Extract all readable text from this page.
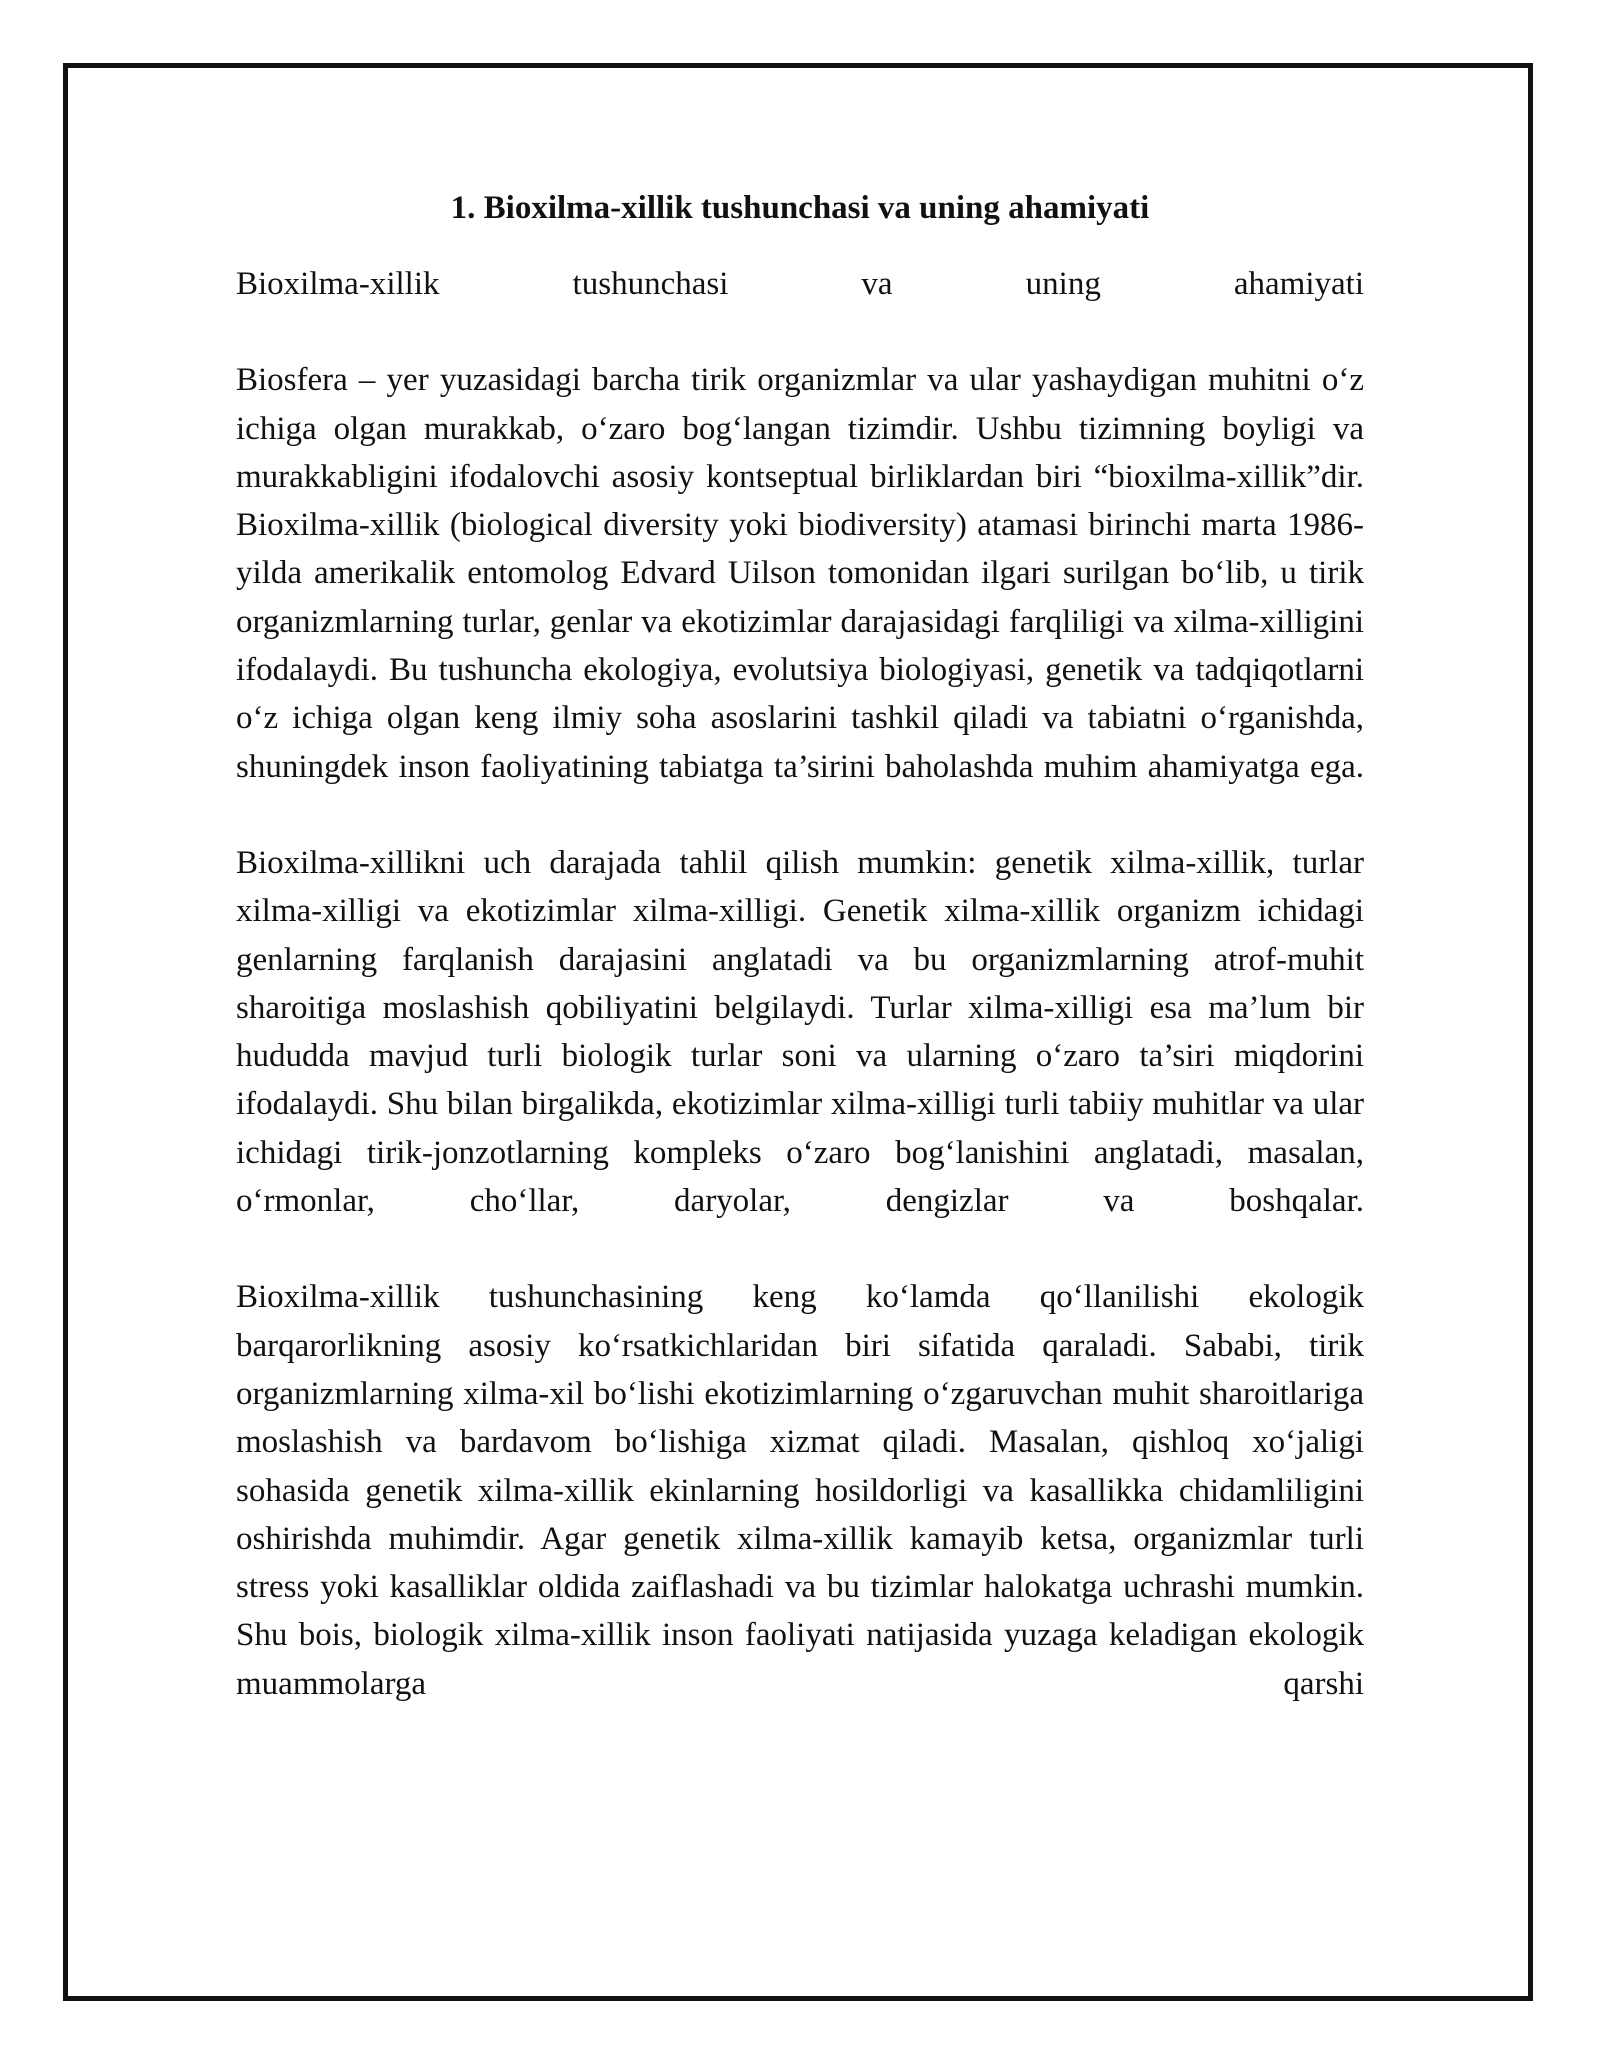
1. Bioxilma-xillik tushunchasi va uning ahamiyati

Bioxilma-xillik tushunchasi va uning ahamiyati

Biosfera – yer yuzasidagi barcha tirik organizmlar va ular yashaydigan muhitni o‘z ichiga olgan murakkab, o‘zaro bog‘langan tizimdir. Ushbu tizimning boyligi va murakkabligini ifodalovchi asosiy kontseptual birliklardan biri “bioxilma-xillik”dir. Bioxilma-xillik (biological diversity yoki biodiversity) atamasi birinchi marta 1986-yilda amerikalik entomolog Edvard Uilson tomonidan ilgari surilgan bo‘lib, u tirik organizmlarning turlar, genlar va ekotizimlar darajasidagi farqliligi va xilma-xilligini ifodalaydi. Bu tushuncha ekologiya, evolutsiya biologiyasi, genetik va tadqiqotlarni o‘z ichiga olgan keng ilmiy soha asoslarini tashkil qiladi va tabiatni o‘rganishda, shuningdek inson faoliyatining tabiatga ta’sirini baholashda muhim ahamiyatga ega.

Bioxilma-xillikni uch darajada tahlil qilish mumkin: genetik xilma-xillik, turlar xilma-xilligi va ekotizimlar xilma-xilligi. Genetik xilma-xillik organizm ichidagi genlarning farqlanish darajasini anglatadi va bu organizmlarning atrof-muhit sharoitiga moslashish qobiliyatini belgilaydi. Turlar xilma-xilligi esa ma’lum bir hududda mavjud turli biologik turlar soni va ularning o‘zaro ta’siri miqdorini ifodalaydi. Shu bilan birgalikda, ekotizimlar xilma-xilligi turli tabiiy muhitlar va ular ichidagi tirik-jonzotlarning kompleks o‘zaro bog‘lanishini anglatadi, masalan, o‘rmonlar, cho‘llar, daryolar, dengizlar va boshqalar.

Bioxilma-xillik tushunchasining keng ko‘lamda qo‘llanilishi ekologik barqarorlikning asosiy ko‘rsatkichlaridan biri sifatida qaraladi. Sababi, tirik organizmlarning xilma-xil bo‘lishi ekotizimlarning o‘zgaruvchan muhit sharoitlariga moslashish va bardavom bo‘lishiga xizmat qiladi. Masalan, qishloq xo‘jaligi sohasida genetik xilma-xillik ekinlarning hosildorligi va kasallikka chidamliligini oshirishda muhimdir. Agar genetik xilma-xillik kamayib ketsa, organizmlar turli stress yoki kasalliklar oldida zaiflashadi va bu tizimlar halokatga uchrashi mumkin. Shu bois, biologik xilma-xillik inson faoliyati natijasida yuzaga keladigan ekologik muammolarga qarshi
